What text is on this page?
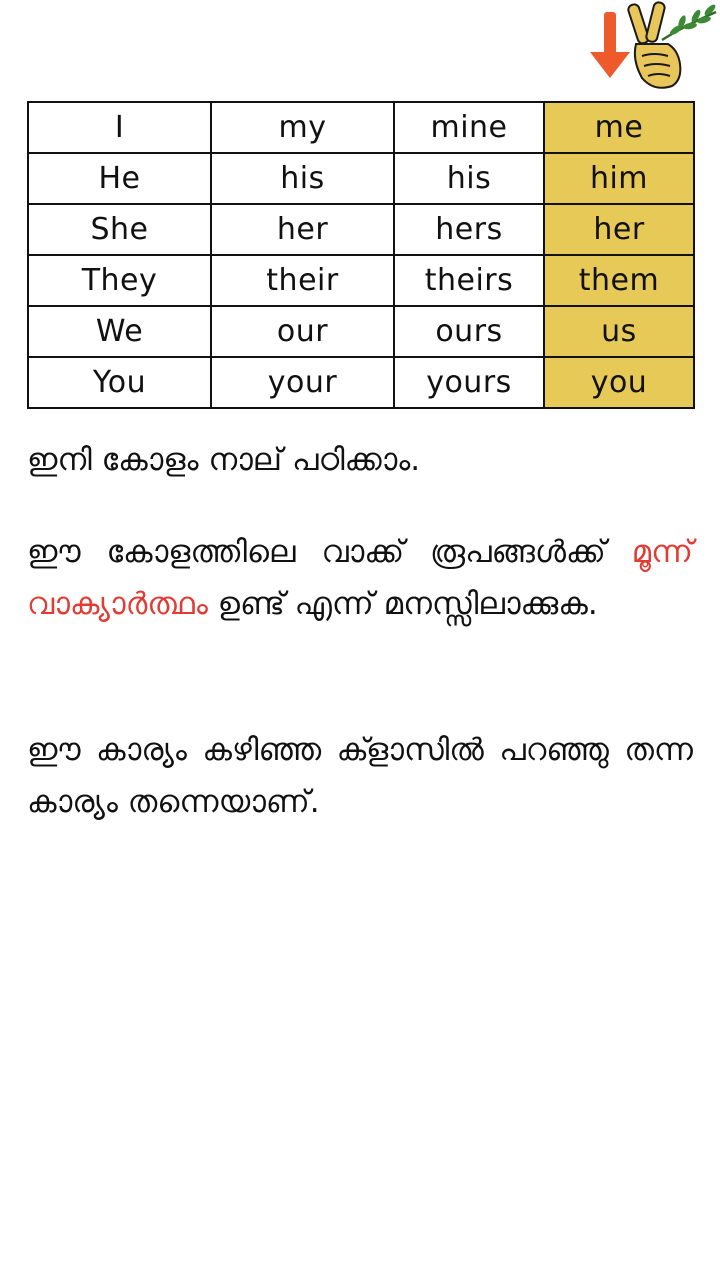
I	my	mine	me
He	his	his	him
She	her	hers	her
They	their	theirs	them
We	our	ours	us
You	your	yours	you

ഇനി കോളം നാല് പഠിക്കാം.

ഈ കോളത്തിലെ വാക്ക് രൂപങ്ങൾക്ക് മൂന്ന് വാക്യാർത്ഥം ഉണ്ട് എന്ന് മനസ്സിലാക്കുക.

ഈ കാര്യം കഴിഞ്ഞ ക്ളാസിൽ പറഞ്ഞു തന്ന കാര്യം തന്നെയാണ്.
